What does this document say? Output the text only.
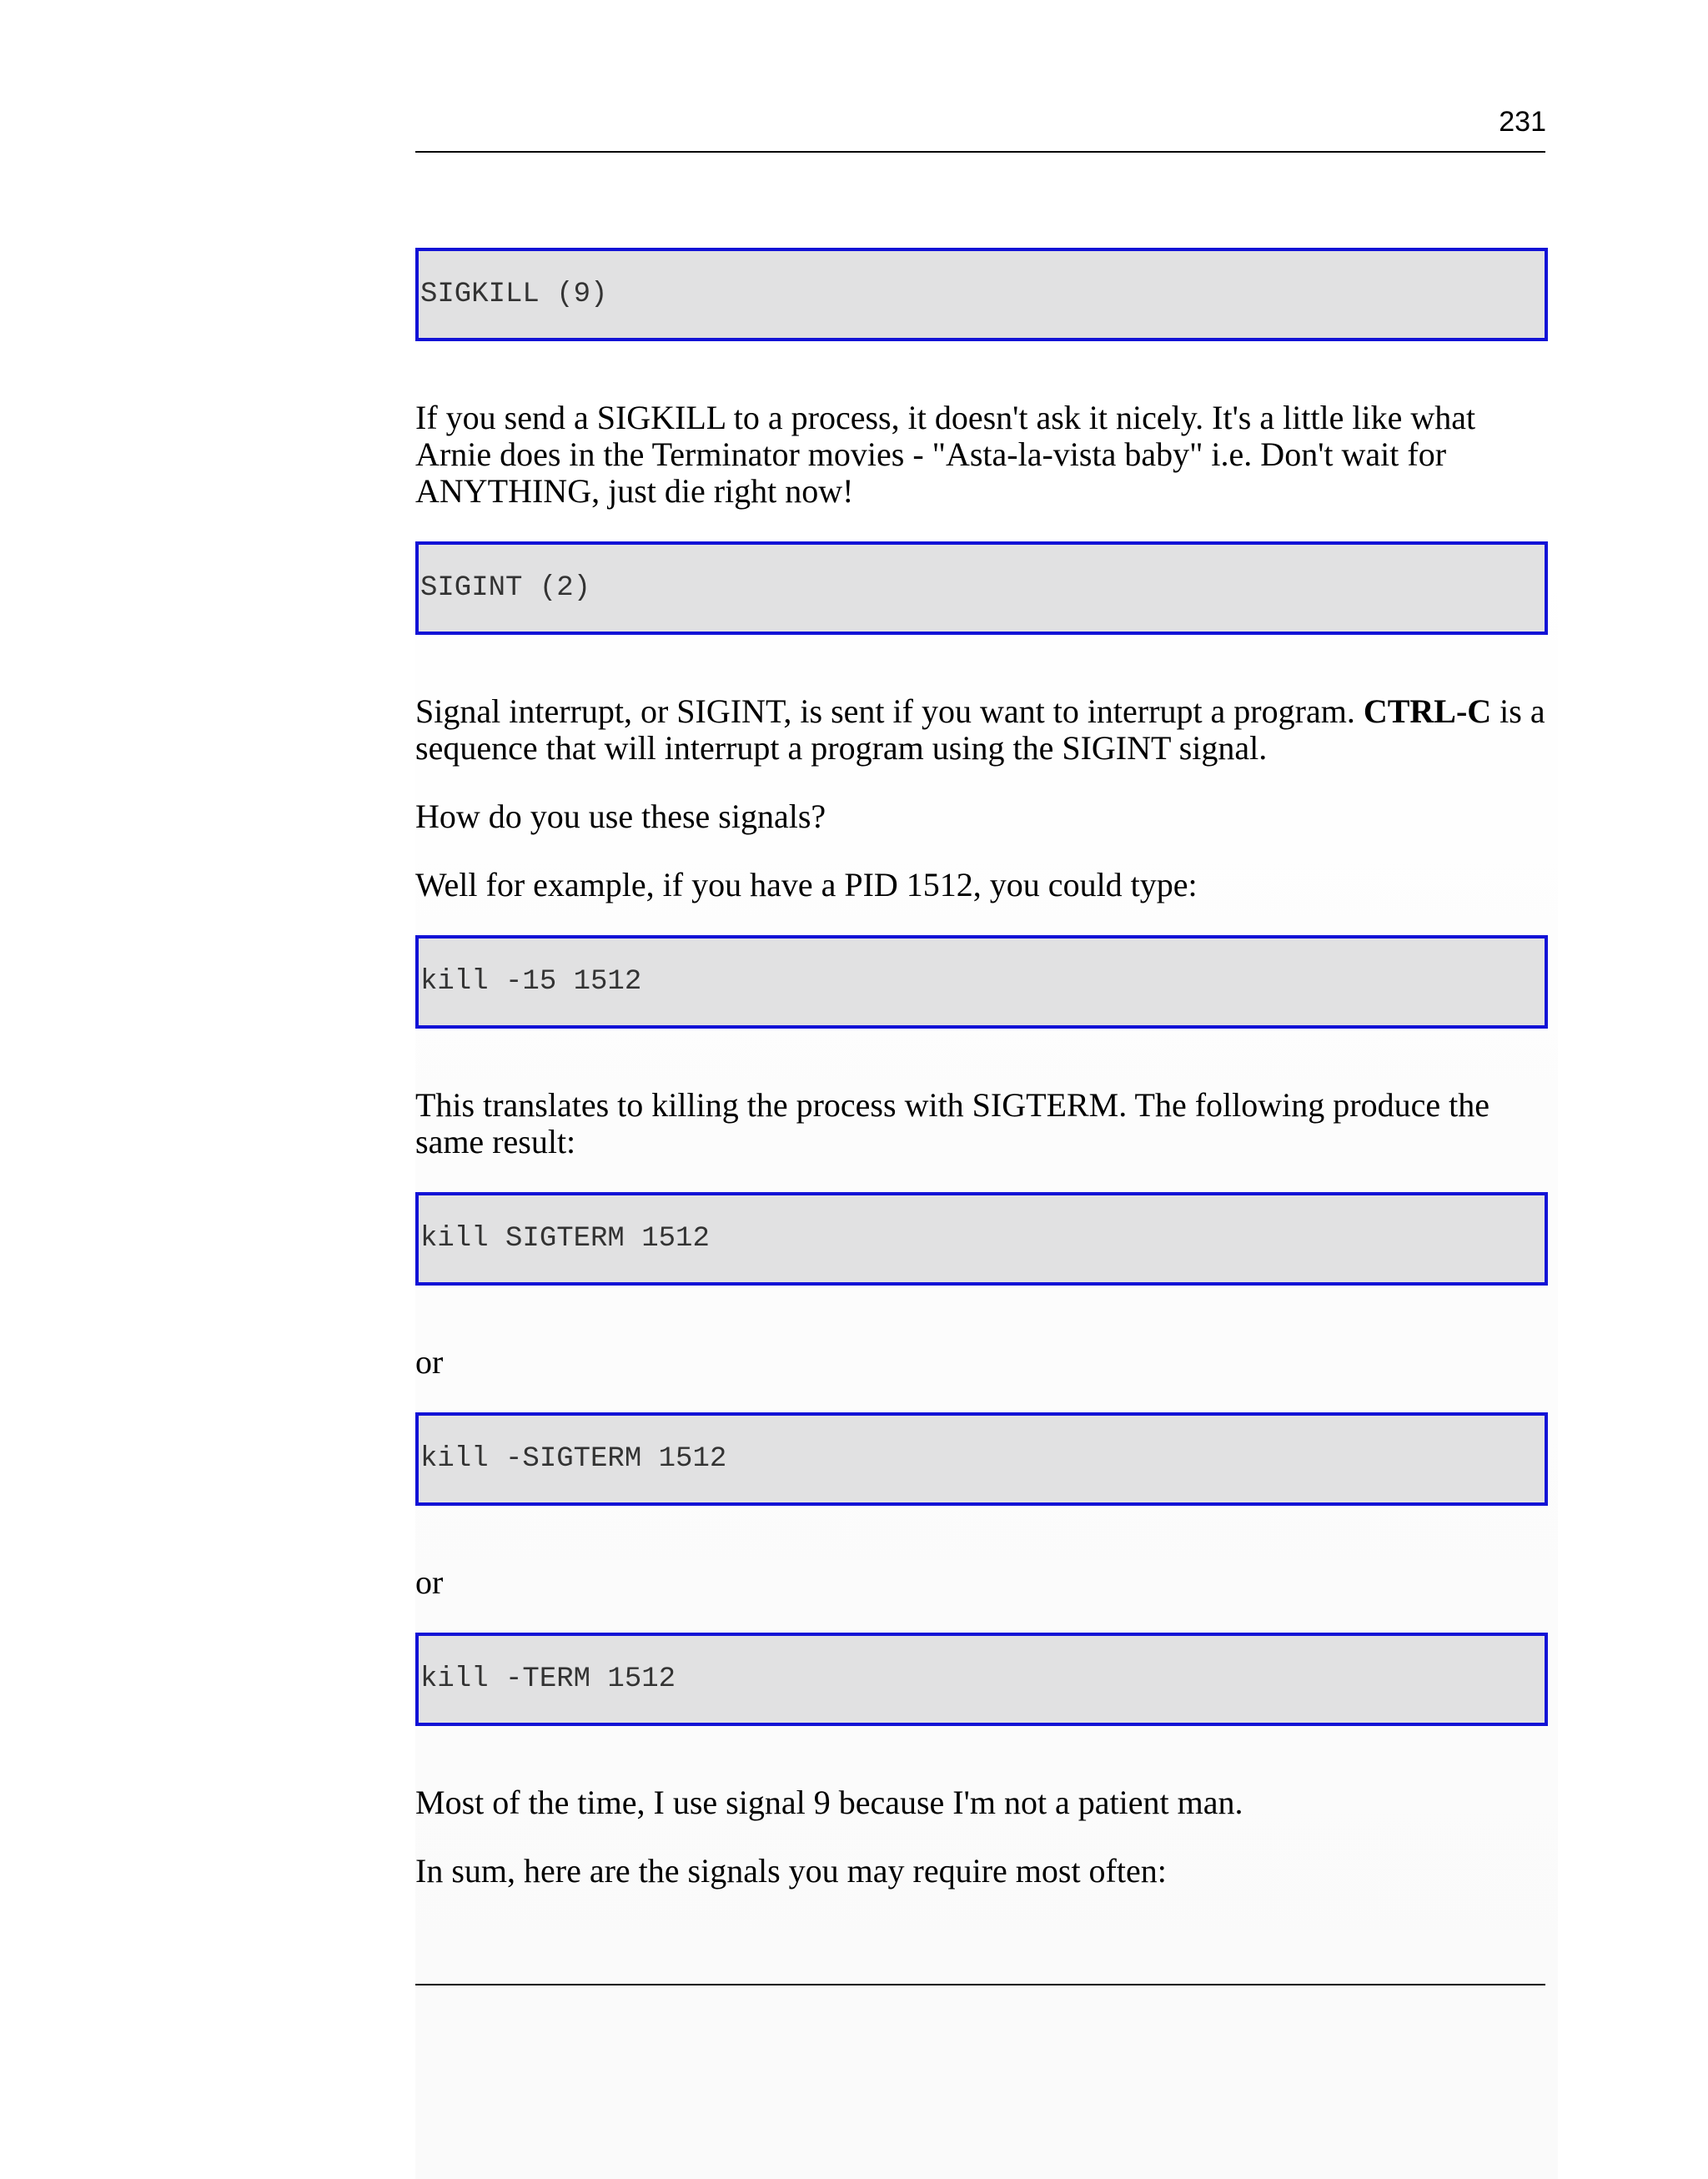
231
SIGKILL (9)

If you send a SIGKILL to a process, it doesn't ask it nicely. It's a little like what Arnie does in the Terminator movies - "Asta-la-vista baby" i.e. Don't wait for ANYTHING, just die right now!

SIGINT (2)

Signal interrupt, or SIGINT, is sent if you want to interrupt a program. CTRL-C is a sequence that will interrupt a program using the SIGINT signal.

How do you use these signals?

Well for example, if you have a PID 1512, you could type:

kill -15 1512

This translates to killing the process with SIGTERM. The following produce the same result:

kill SIGTERM 1512

or

kill -SIGTERM 1512

or

kill -TERM 1512

Most of the time, I use signal 9 because I'm not a patient man.

In sum, here are the signals you may require most often:
